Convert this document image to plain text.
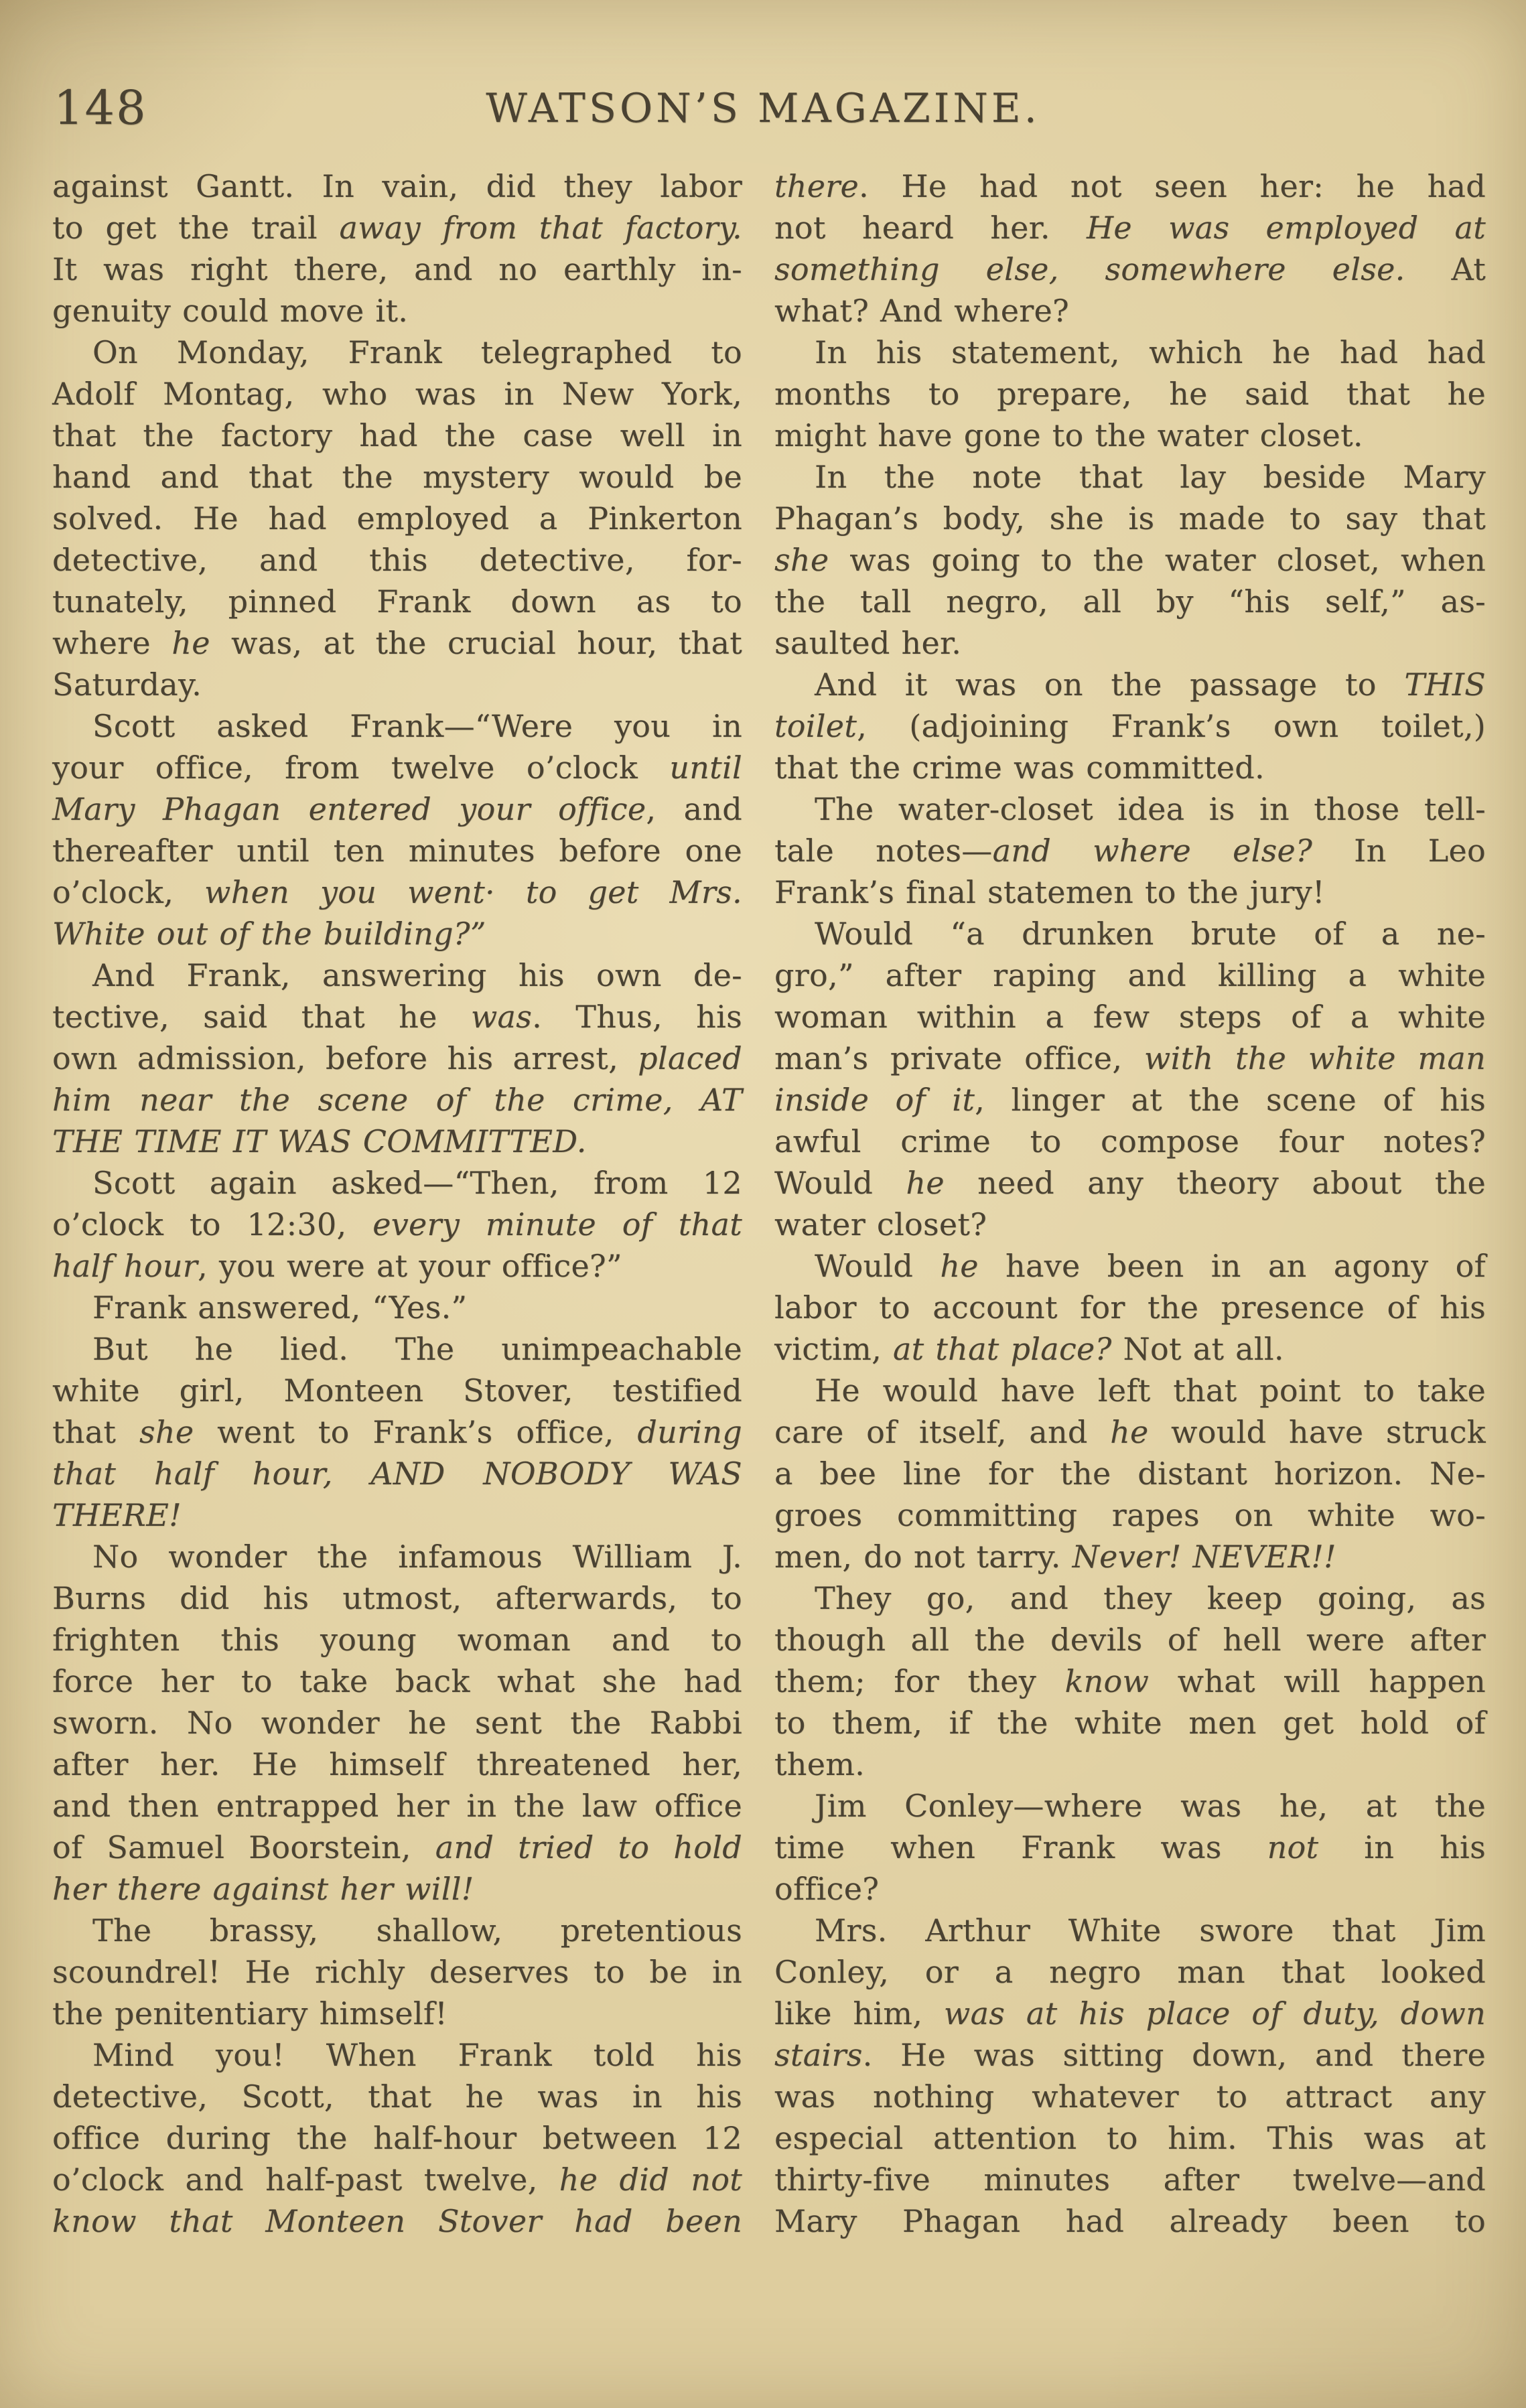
148	WATSON’S MAGAZINE.
against Gantt. In vain, did they labor
to get the trail away from that factory.
It was right there, and no earthly in-
genuity could move it.
On Monday, Frank telegraphed to
Adolf Montag, who was in New York,
that the factory had the case well in
hand and that the mystery would be
solved. He had employed a Pinkerton
detective, and this detective, for-
tunately, pinned Frank down as to
where he was, at the crucial hour, that
Saturday.
Scott asked Frank—“Were you in
your office, from twelve o’clock until
Mary Phagan entered your office, and
thereafter until ten minutes before one
o’clock, when you went· to get Mrs.
White out of the building?”
And Frank, answering his own de-
tective, said that he was. Thus, his
own admission, before his arrest, placed
him near the scene of the crime, AT
THE TIME IT WAS COMMITTED.
Scott again asked—“Then, from 12
o’clock to 12:30, every minute of that
half hour, you were at your office?”
Frank answered, “Yes.”
But he lied. The unimpeachable
white girl, Monteen Stover, testified
that she went to Frank’s office, during
that half hour, AND NOBODY WAS
THERE!
No wonder the infamous William J.
Burns did his utmost, afterwards, to
frighten this young woman and to
force her to take back what she had
sworn. No wonder he sent the Rabbi
after her. He himself threatened her,
and then entrapped her in the law office
of Samuel Boorstein, and tried to hold
her there against her will!
The brassy, shallow, pretentious
scoundrel! He richly deserves to be in
the penitentiary himself!
Mind you! When Frank told his
detective, Scott, that he was in his
office during the half-hour between 12
o’clock and half-past twelve, he did not
know that Monteen Stover had been
there. He had not seen her: he had
not heard her. He was employed at
something else, somewhere else. At
what? And where?
In his statement, which he had had
months to prepare, he said that he
might have gone to the water closet.
In the note that lay beside Mary
Phagan’s body, she is made to say that
she was going to the water closet, when
the tall negro, all by “his self,” as-
saulted her.
And it was on the passage to THIS
toilet, (adjoining Frank’s own toilet,)
that the crime was committed.
The water-closet idea is in those tell-
tale notes—and where else? In Leo
Frank’s final statemen to the jury!
Would “a drunken brute of a ne-
gro,” after raping and killing a white
woman within a few steps of a white
man’s private office, with the white man
inside of it, linger at the scene of his
awful crime to compose four notes?
Would he need any theory about the
water closet?
Would he have been in an agony of
labor to account for the presence of his
victim, at that place? Not at all.
He would have left that point to take
care of itself, and he would have struck
a bee line for the distant horizon. Ne-
groes committing rapes on white wo-
men, do not tarry. Never! NEVER!!
They go, and they keep going, as
though all the devils of hell were after
them; for they know what will happen
to them, if the white men get hold of
them.
Jim Conley—where was he, at the
time when Frank was not in his
office?
Mrs. Arthur White swore that Jim
Conley, or a negro man that looked
like him, was at his place of duty, down
stairs. He was sitting down, and there
was nothing whatever to attract any
especial attention to him. This was at
thirty-five minutes after twelve—and
Mary Phagan had already been to
